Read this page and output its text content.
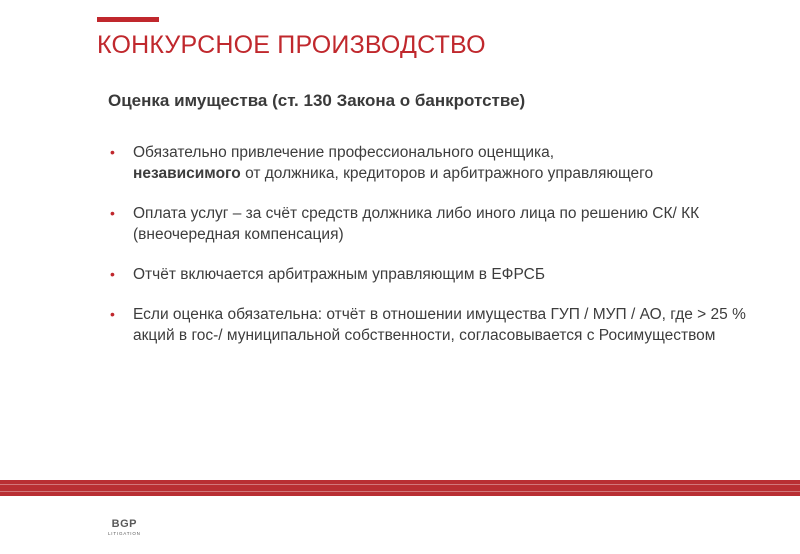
КОНКУРСНОЕ ПРОИЗВОДСТВО
Оценка имущества (ст. 130 Закона о банкротстве)
• Обязательно привлечение профессионального оценщика,
независимого от должника, кредиторов и арбитражного управляющего
• Оплата услуг – за счёт средств должника либо иного лица по решению СК/ КК (внеочередная компенсация)
• Отчёт включается арбитражным управляющим в ЕФРСБ
• Если оценка обязательна: отчёт в отношении имущества ГУП / МУП / АО, где > 25 % акций в гос-/ муниципальной собственности, согласовывается с Росимуществом
BGP
LITIGATION
